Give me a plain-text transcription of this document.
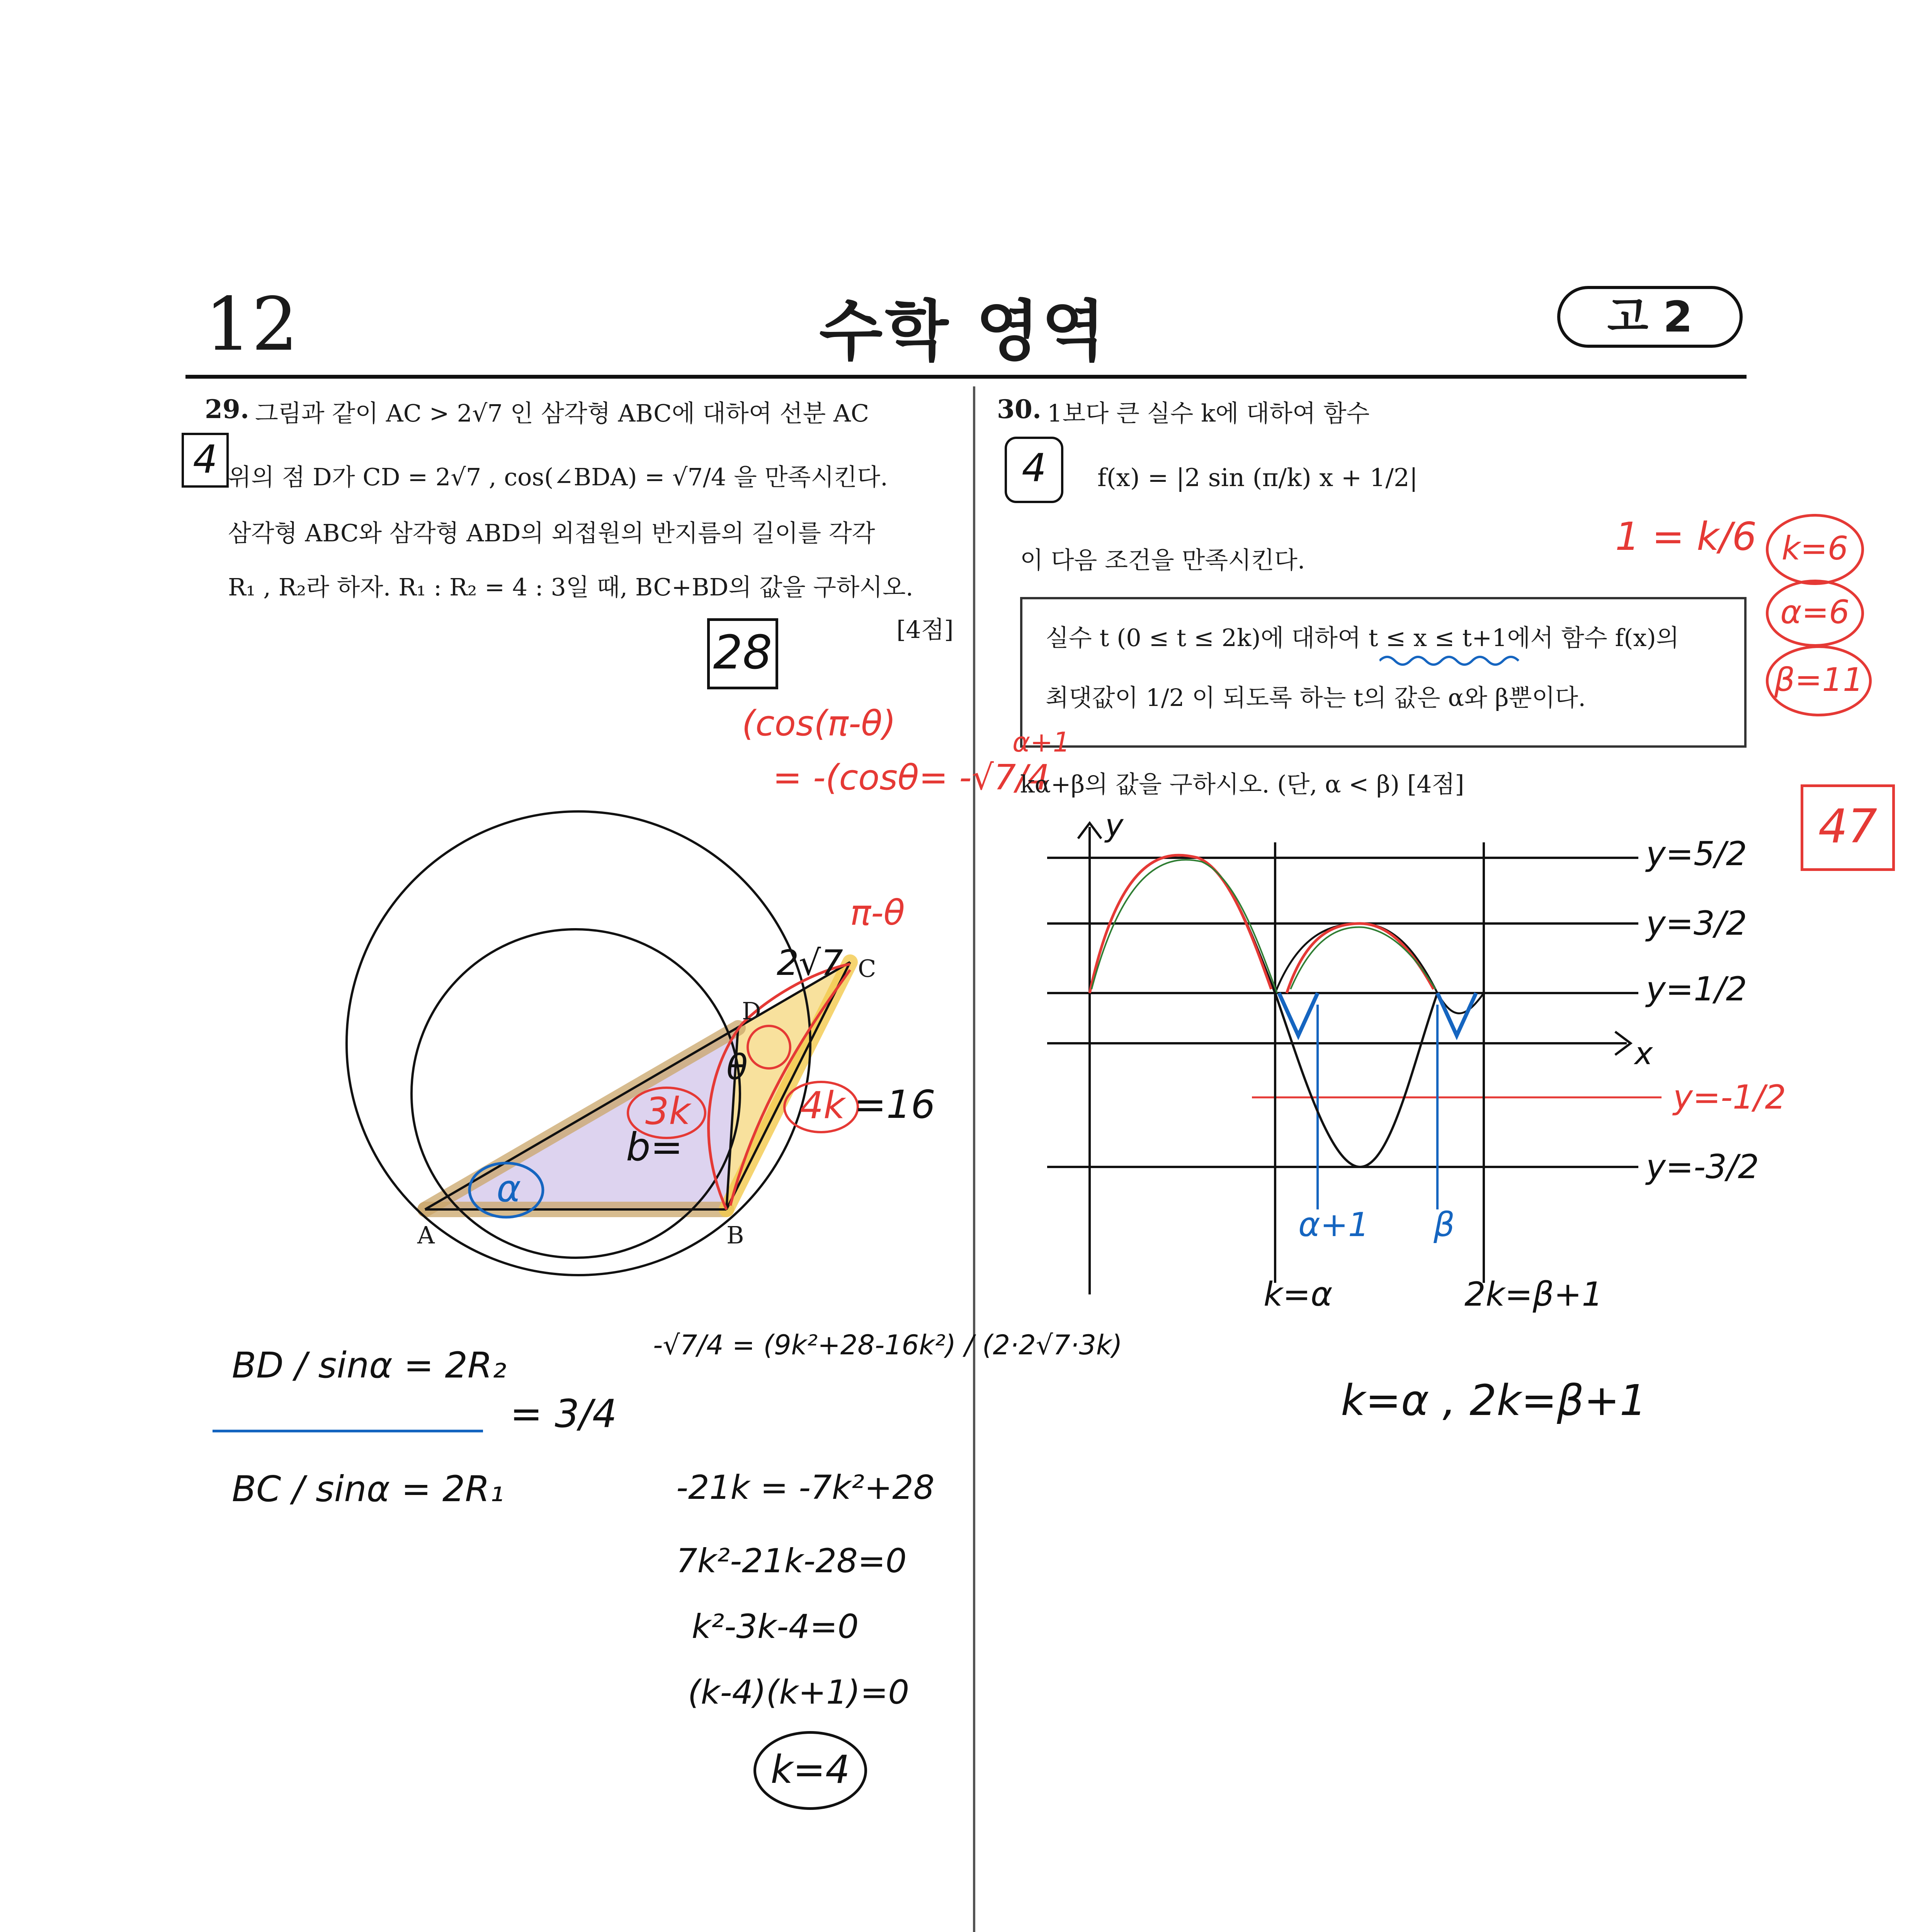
12	수학 영역	고 2
29. 그림과 같이 AC > 2√7 인 삼각형 ABC에 대하여 선분 AC
위의 점 D가 CD = 2√7 , cos(∠BDA) = √7/4 을 만족시킨다.
삼각형 ABC와 삼각형 ABD의 외접원의 반지름의 길이를 각각
R₁ , R₂라 하자. R₁ : R₂ = 4 : 3일 때, BC+BD의 값을 구하시오.
[4점]
4
28
(cos(π-θ)
= -(cosθ= -√7/4
A	B
C
D
π-θ
2√7
θ
b=
3k	4k =16
α
BD / sinα = 2R₂
= 3/4
BC / sinα = 2R₁
-√7/4 = (9k²+28-16k²) / (2·2√7·3k)
-21k = -7k²+28
7k²-21k-28=0
k²-3k-4=0
(k-4)(k+1)=0
k=4
30. 1보다 큰 실수 k에 대하여 함수
4	f(x) = |2 sin (π/k) x + 1/2|
이 다음 조건을 만족시킨다.
실수 t (0 ≤ t ≤ 2k)에 대하여 t ≤ x ≤ t+1에서 함수 f(x)의
최댓값이 1/2 이 되도록 하는 t의 값은 α와 β뿐이다.
kα+β의 값을 구하시오. (단, α < β) [4점]
1 = k/6 k=6
α=6
β=11
47
α+1
y
x
y=5/2
y=3/2
y=1/2
y=-1/2
y=-3/2
α+1 β
k=α	2k=β+1
k=α , 2k=β+1
